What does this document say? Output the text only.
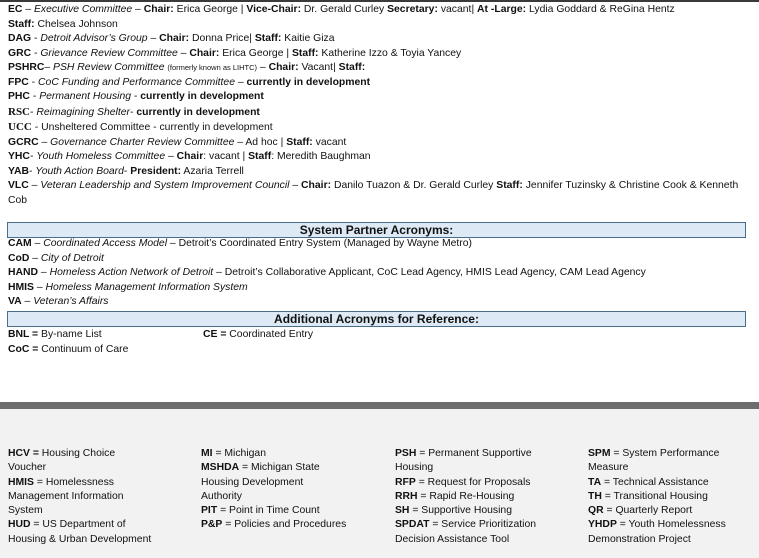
EC – Executive Committee – Chair: Erica George | Vice-Chair: Dr. Gerald Curley Secretary: vacant| At -Large: Lydia Goddard & ReGina Hentz
Staff: Chelsea Johnson
DAG - Detroit Advisor’s Group – Chair: Donna Price| Staff: Kaitie Giza
GRC - Grievance Review Committee – Chair: Erica George | Staff: Katherine Izzo & Toyia Yancey
PSHRC– PSH Review Committee (formerly known as LIHTC) – Chair: Vacant| Staff:
FPC - CoC Funding and Performance Committee – currently in development
PHC - Permanent Housing - currently in development
RSC- Reimagining Shelter- currently in development
UCC - Unsheltered Committee - currently in development
GCRC – Governance Charter Review Committee – Ad hoc | Staff: vacant
YHC- Youth Homeless Committee – Chair: vacant | Staff: Meredith Baughman
YAB- Youth Action Board- President: Azaria Terrell
VLC – Veteran Leadership and System Improvement Council – Chair: Danilo Tuazon & Dr. Gerald Curley Staff: Jennifer Tuzinsky & Christine Cook & Kenneth Cob
System Partner Acronyms:
CAM – Coordinated Access Model – Detroit’s Coordinated Entry System (Managed by Wayne Metro)
CoD – City of Detroit
HAND – Homeless Action Network of Detroit – Detroit’s Collaborative Applicant, CoC Lead Agency, HMIS Lead Agency, CAM Lead Agency
HMIS – Homeless Management Information System
VA – Veteran’s Affairs
Additional Acronyms for Reference:
BNL = By-name List
CoC = Continuum of Care
CE = Coordinated Entry
HCV = Housing Choice
Voucher
HMIS = Homelessness
Management Information
System
HUD = US Department of
Housing & Urban Development
MI = Michigan
MSHDA = Michigan State
Housing Development
Authority
PIT = Point in Time Count
P&P = Policies and Procedures
PSH = Permanent Supportive
Housing
RFP = Request for Proposals
RRH = Rapid Re-Housing
SH = Supportive Housing
SPDAT = Service Prioritization
Decision Assistance Tool
SPM = System Performance
Measure
TA = Technical Assistance
TH = Transitional Housing
QR = Quarterly Report
YHDP = Youth Homelessness
Demonstration Project
